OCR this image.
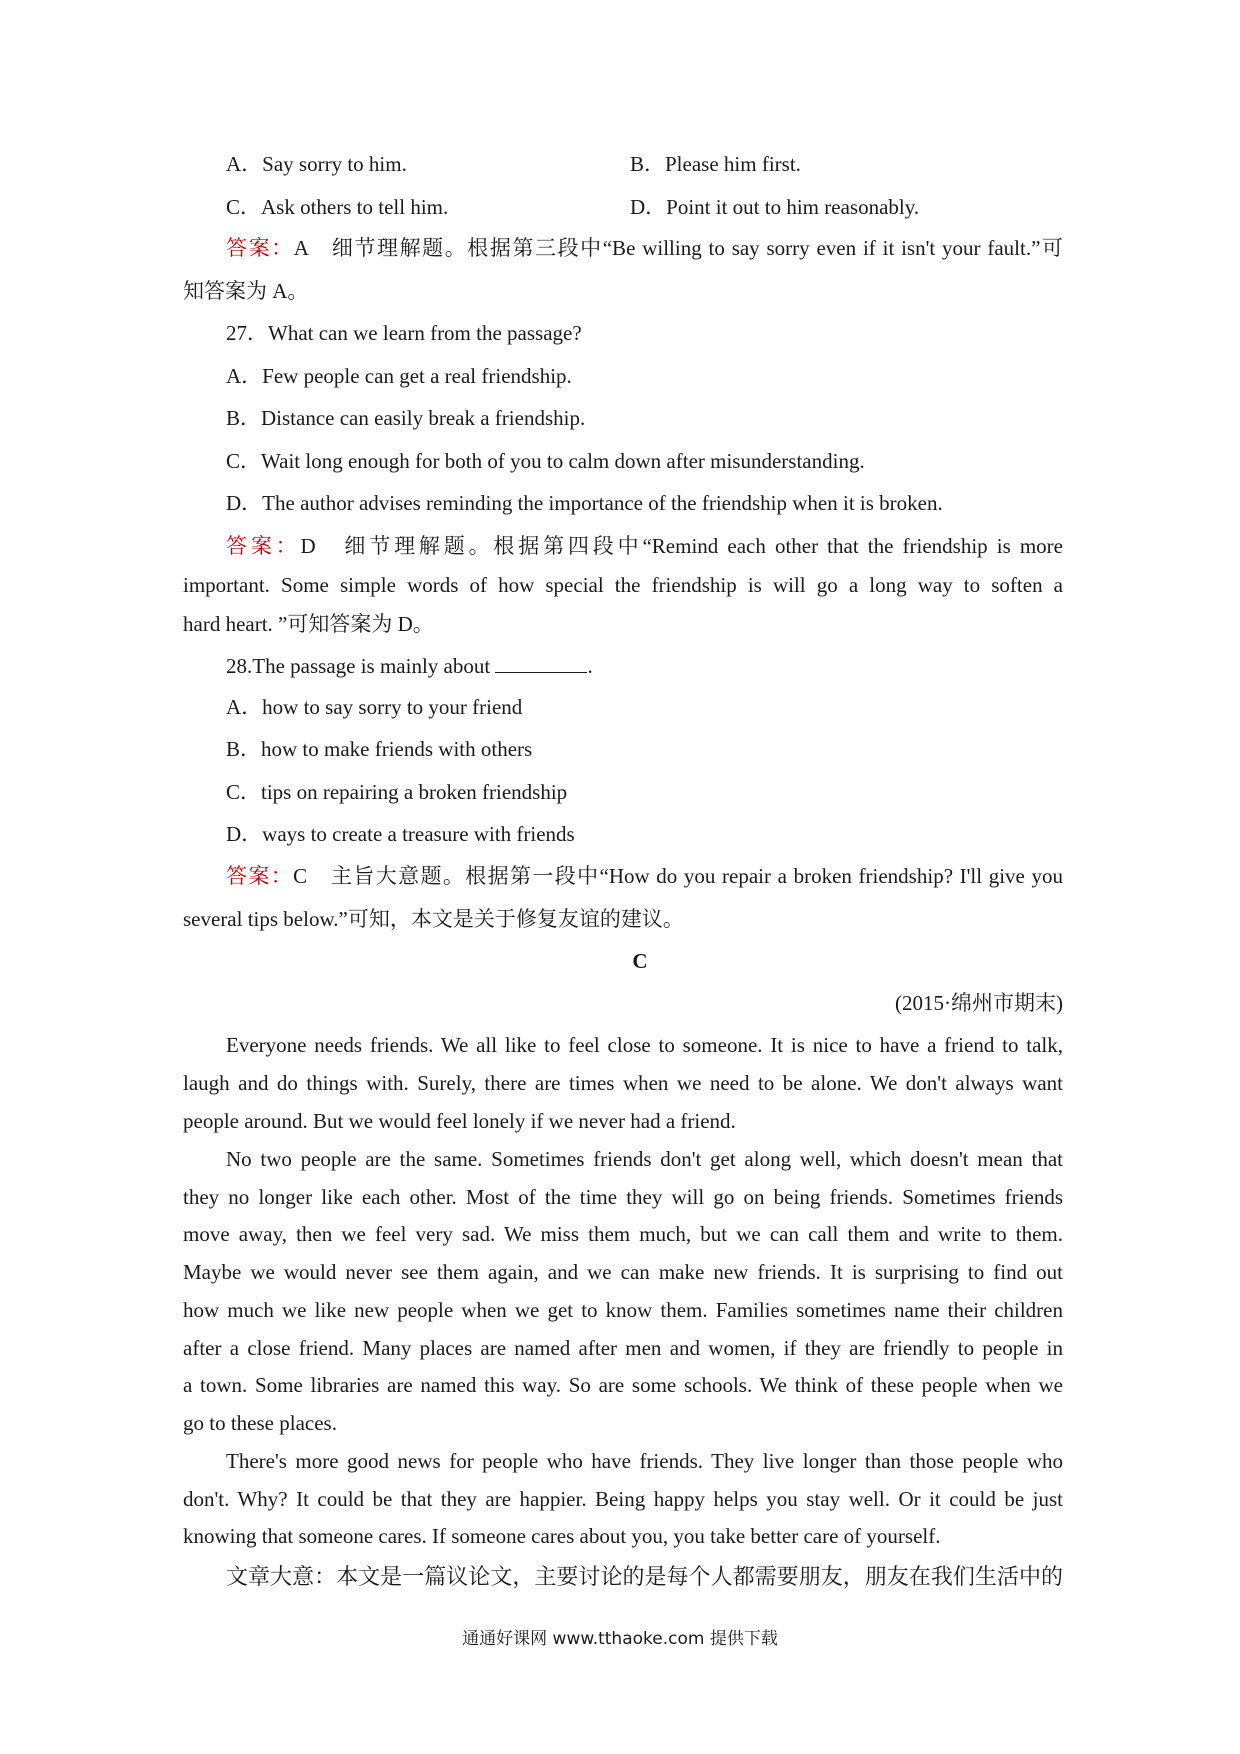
A．Say sorry to him.	B．Please him first.
C．Ask others to tell him.	D．Point it out to him reasonably.
答案：A　细节理解题。根据第三段中“Be willing to say sorry even if it isn't your fault.”可
知答案为 A。
27．What can we learn from the passage?
A．Few people can get a real friendship.
B．Distance can easily break a friendship.
C．Wait long enough for both of you to calm down after misunderstanding.
D．The author advises reminding the importance of the friendship when it is broken.
答案：D　细节理解题。根据第四段中“Remind each other that the friendship is more
important. Some simple words of how special the friendship is will go a long way to soften a
hard heart. ”可知答案为 D。
28.The passage is mainly about	.
A．how to say sorry to your friend
B．how to make friends with others
C．tips on repairing a broken friendship
D．ways to create a treasure with friends
答案：C　主旨大意题。根据第一段中“How do you repair a broken friendship? I'll give you
several tips below.”可知，本文是关于修复友谊的建议。
C
(2015·绵州市期末)
Everyone needs friends. We all like to feel close to someone. It is nice to have a friend to talk,
laugh and do things with. Surely, there are times when we need to be alone. We don't always want
people around. But we would feel lonely if we never had a friend.
No two people are the same. Sometimes friends don't get along well, which doesn't mean that
they no longer like each other. Most of the time they will go on being friends. Sometimes friends
move away, then we feel very sad. We miss them much, but we can call them and write to them.
Maybe we would never see them again, and we can make new friends. It is surprising to find out
how much we like new people when we get to know them. Families sometimes name their children
after a close friend. Many places are named after men and women, if they are friendly to people in
a town. Some libraries are named this way. So are some schools. We think of these people when we
go to these places.
There's more good news for people who have friends. They live longer than those people who
don't. Why? It could be that they are happier. Being happy helps you stay well. Or it could be just
knowing that someone cares. If someone cares about you, you take better care of yourself.
文章大意：本文是一篇议论文，主要讨论的是每个人都需要朋友，朋友在我们生活中的
通通好课网 www.tthaoke.com 提供下载
